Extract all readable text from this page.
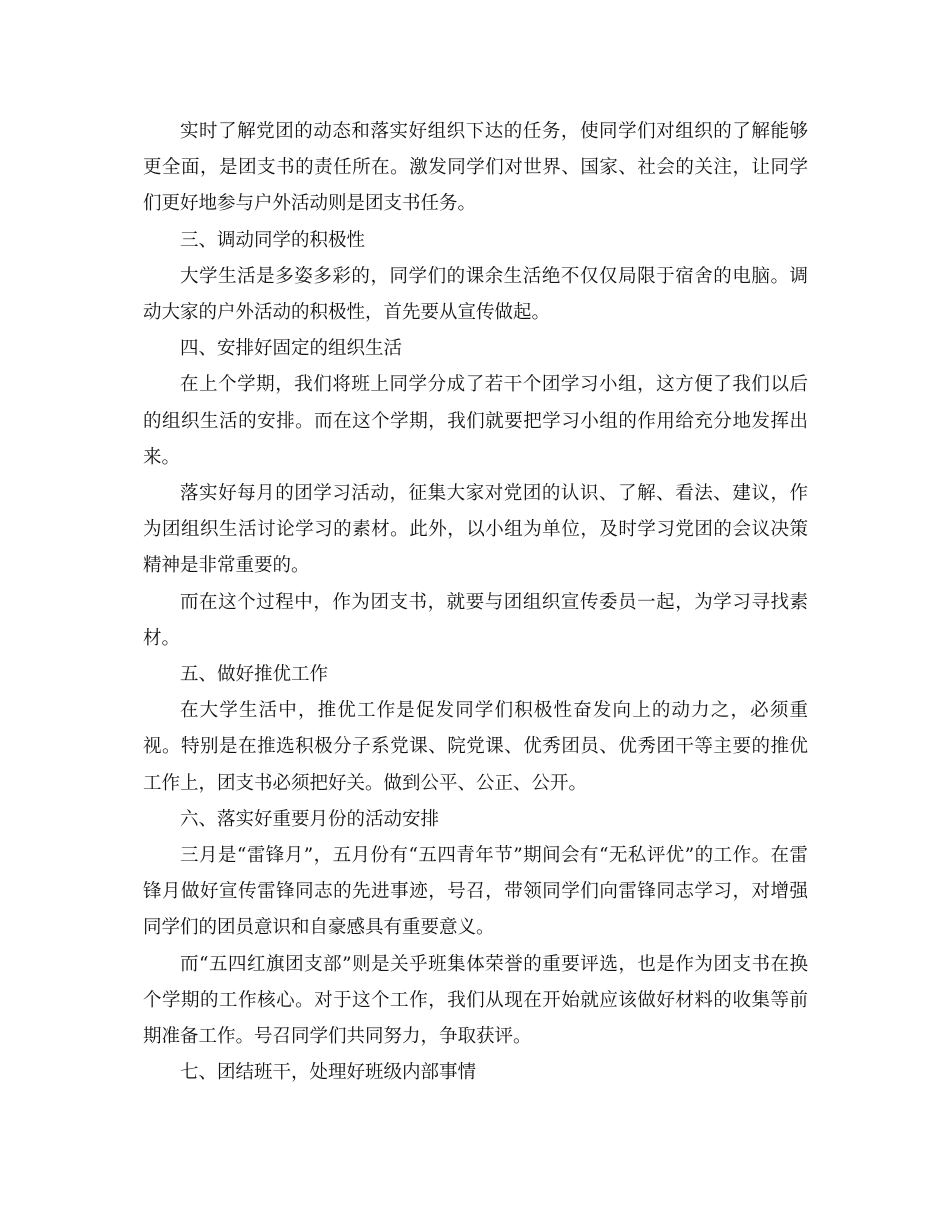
实时了解党团的动态和落实好组织下达的任务，使同学们对组织的了解能够更全面，是团支书的责任所在。激发同学们对世界、国家、社会的关注，让同学们更好地参与户外活动则是团支书任务。

三、调动同学的积极性

大学生活是多姿多彩的，同学们的课余生活绝不仅仅局限于宿舍的电脑。调动大家的户外活动的积极性，首先要从宣传做起。

四、安排好固定的组织生活

在上个学期，我们将班上同学分成了若干个团学习小组，这方便了我们以后的组织生活的安排。而在这个学期，我们就要把学习小组的作用给充分地发挥出来。

落实好每月的团学习活动，征集大家对党团的认识、了解、看法、建议，作为团组织生活讨论学习的素材。此外，以小组为单位，及时学习党团的会议决策精神是非常重要的。

而在这个过程中，作为团支书，就要与团组织宣传委员一起，为学习寻找素材。

五、做好推优工作

在大学生活中，推优工作是促发同学们积极性奋发向上的动力之，必须重视。特别是在推选积极分子系党课、院党课、优秀团员、优秀团干等主要的推优工作上，团支书必须把好关。做到公平、公正、公开。

六、落实好重要月份的活动安排

三月是“雷锋月”，五月份有“五四青年节”期间会有“无私评优”的工作。在雷锋月做好宣传雷锋同志的先进事迹，号召，带领同学们向雷锋同志学习，对增强同学们的团员意识和自豪感具有重要意义。

而“五四红旗团支部”则是关乎班集体荣誉的重要评选，也是作为团支书在换个学期的工作核心。对于这个工作，我们从现在开始就应该做好材料的收集等前期准备工作。号召同学们共同努力，争取获评。

七、团结班干，处理好班级内部事情
